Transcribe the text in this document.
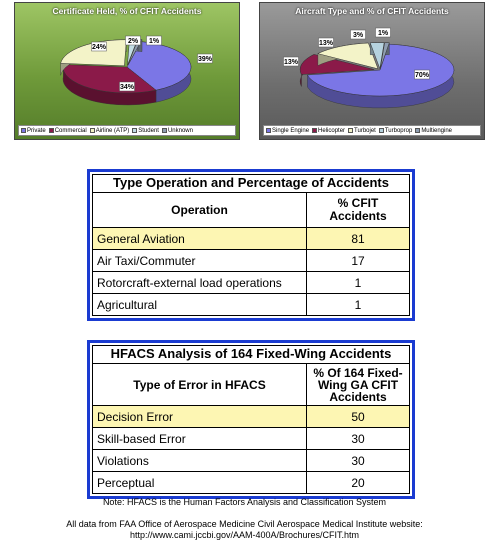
Certificate Held, % of CFIT Accidents
39%
34%
24%
2% 1%
Private Commercial Airline (ATP) Student Unknown
Aircraft Type and % of CFIT Accidents
70%
13%
13%
3% 1%
Single Engine Helicopter Turbojet Turboprop Multiengine
Type Operation and Percentage of Accidents
Operation	% CFIT
Accidents
General Aviation	81
Air Taxi/Commuter	17
Rotorcraft-external load operations	1
Agricultural	1
HFACS Analysis of 164 Fixed-Wing Accidents
Type of Error in HFACS	% Of 164 Fixed-
Wing GA CFIT
Accidents
Decision Error	50
Skill-based Error	30
Violations	30
Perceptual	20
Note: HFACS is the Human Factors Analysis and Classification System
All data from FAA Office of Aerospace Medicine Civil Aerospace Medical Institute website:
http://www.cami.jccbi.gov/AAM-400A/Brochures/CFIT.htm
